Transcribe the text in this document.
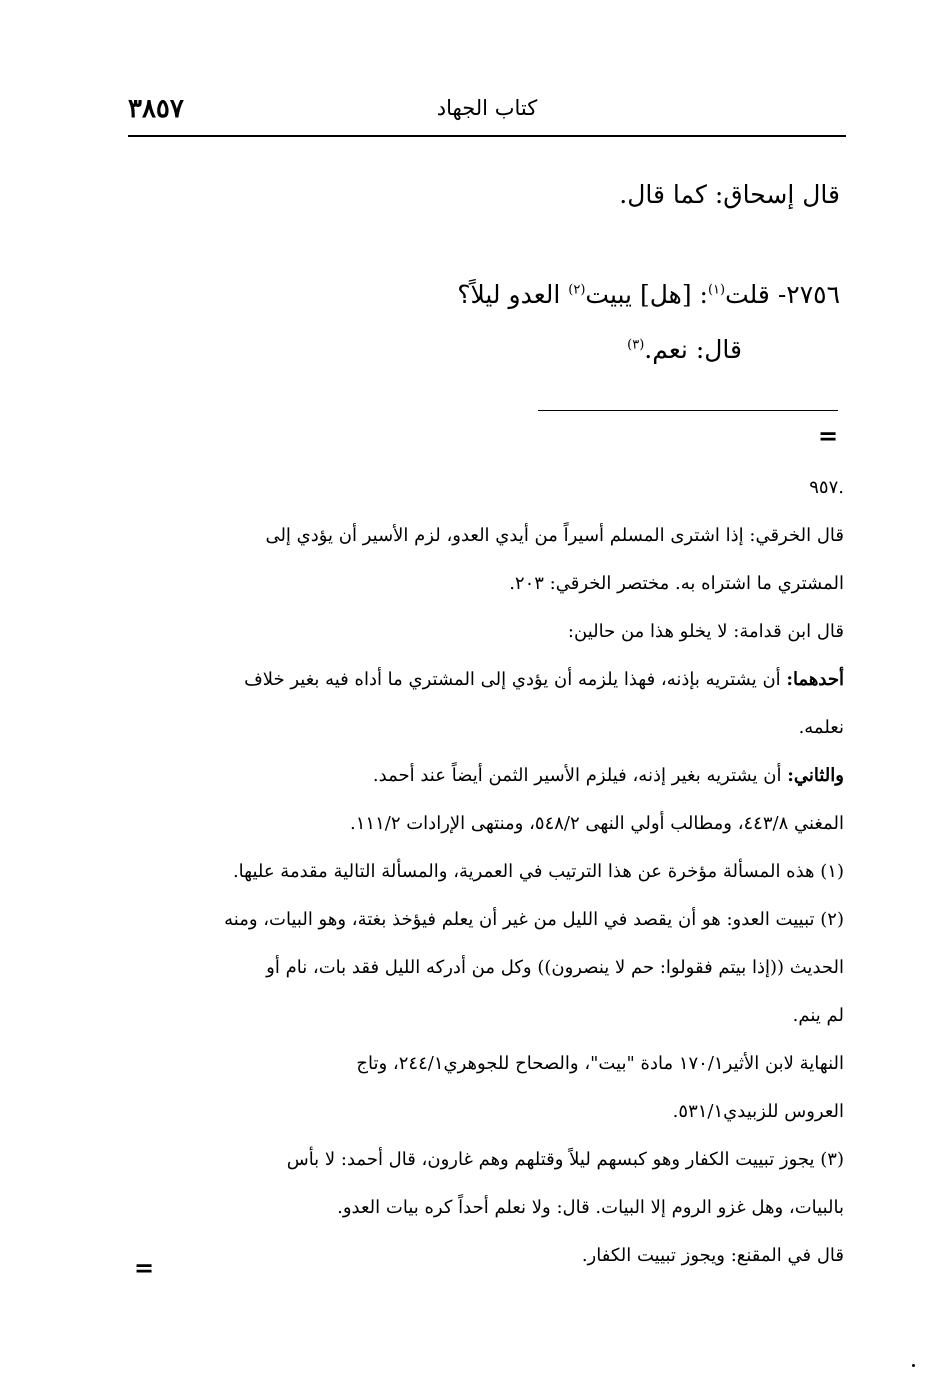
٣٨٥٧	كتاب الجهاد
قال إسحاق: كما قال.
٢٧٥٦- قلت$^{(١)}$: [هل] يبيت$^{(٢)}$ العدو ليلاً؟
قال: نعم.$^{(٣)}$
=

.٩٥٧

قال الخرقي: إذا اشترى المسلم أسيراً من أيدي العدو، لزم الأسير أن يؤدي إلى

المشتري ما اشتراه به. مختصر الخرقي: ٢٠٣.

قال ابن قدامة: لا يخلو هذا من حالين:

أحدهما: أن يشتريه بإذنه، فهذا يلزمه أن يؤدي إلى المشتري ما أداه فيه بغير خلاف

نعلمه.

والثاني: أن يشتريه بغير إذنه، فيلزم الأسير الثمن أيضاً عند أحمد.

المغني ٤٤٣/٨، ومطالب أولي النهى ٥٤٨/٢، ومنتهى الإرادات ١١١/٢.

(١) هذه المسألة مؤخرة عن هذا الترتيب في العمرية، والمسألة التالية مقدمة عليها.

(٢) تبييت العدو: هو أن يقصد في الليل من غير أن يعلم فيؤخذ بغتة، وهو البيات، ومنه

الحديث ((إذا بيتم فقولوا: حم لا ينصرون)) وكل من أدركه الليل فقد بات، نام أو

لم ينم.

النهاية لابن الأثير١٧٠/١ مادة "بيت"، والصحاح للجوهري٢٤٤/١، وتاج

العروس للزبيدي٥٣١/١.

(٣) يجوز تبييت الكفار وهو كبسهم ليلاً وقتلهم وهم غارون، قال أحمد: لا بأس

بالبيات، وهل غزو الروم إلا البيات. قال: ولا نعلم أحداً كره بيات العدو.

قال في المقنع: ويجوز تبييت الكفار.

=
